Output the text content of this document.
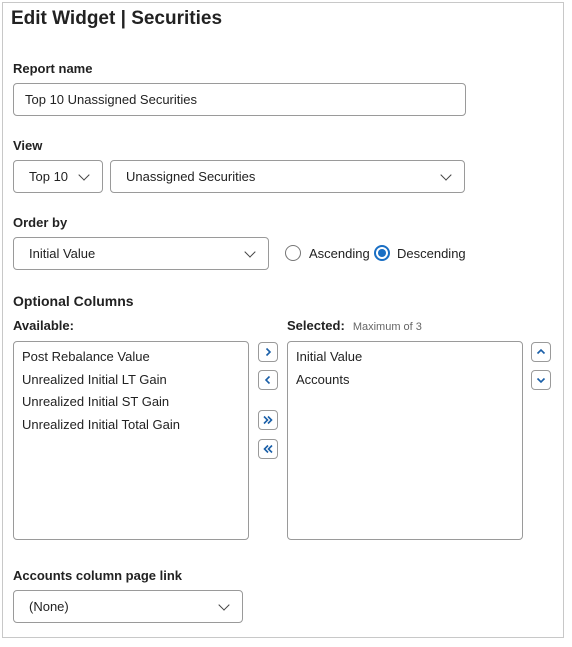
Edit Widget | Securities
Report name
Top 10 Unassigned Securities
View
Top 10	Unassigned Securities
Order by
Initial Value	Ascending Descending
Optional Columns
Available:	Selected: Maximum of 3
Post Rebalance Value
Unrealized Initial LT Gain
Unrealized Initial ST Gain
Unrealized Initial Total Gain
Initial Value
Accounts
Accounts column page link
(None)
